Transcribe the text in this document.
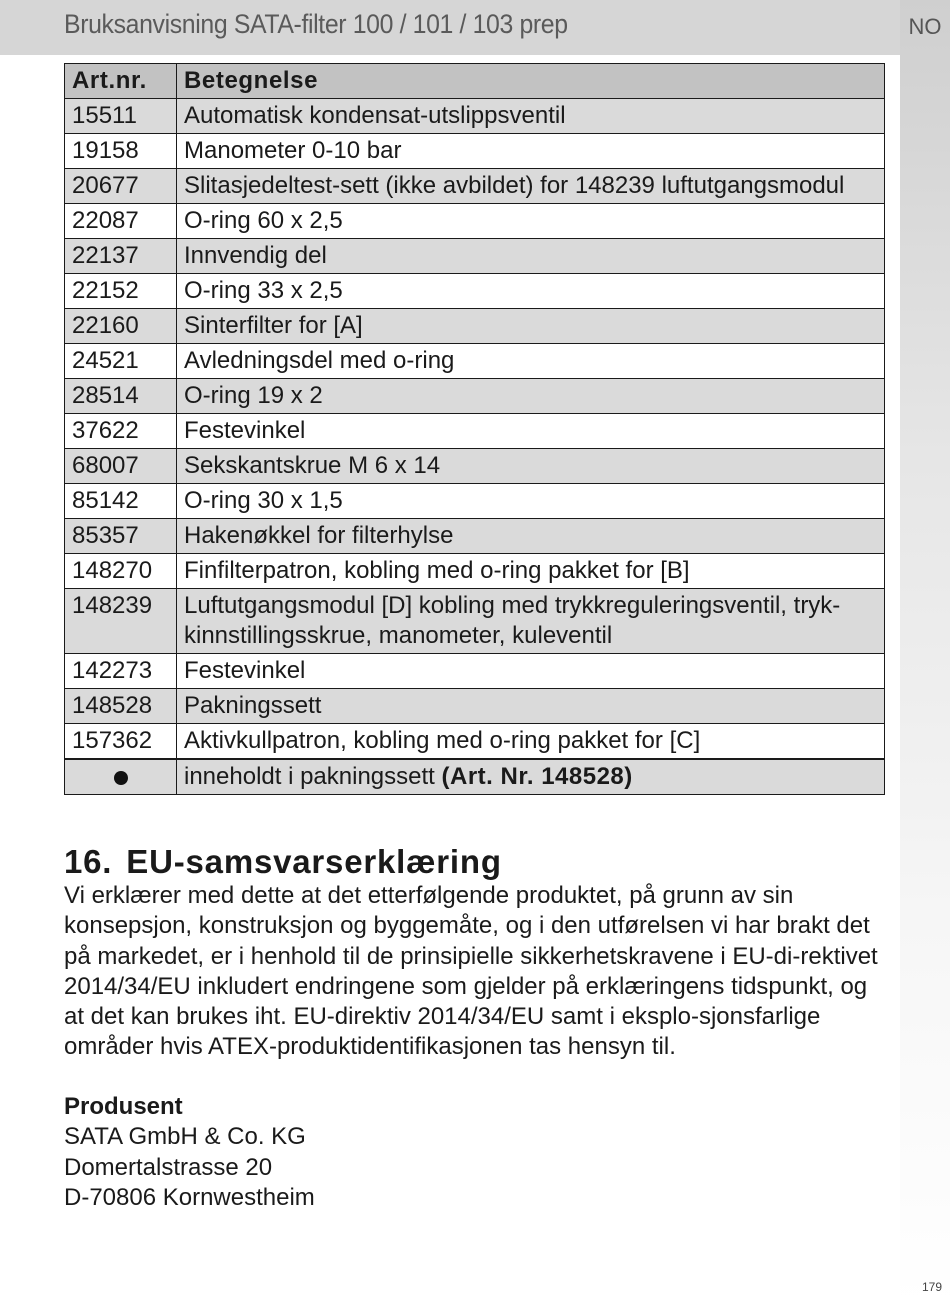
Bruksanvisning SATA-filter 100 / 101 / 103 prep	NO
Art.nr.	Betegnelse
15511	Automatisk kondensat-utslippsventil
19158	Manometer 0-10 bar
20677	Slitasjedeltest-sett (ikke avbildet) for 148239 luftutgangsmodul
22087	O-ring 60 x 2,5
22137	Innvendig del
22152	O-ring 33 x 2,5
22160	Sinterfilter for [A]
24521	Avledningsdel med o-ring
28514	O-ring 19 x 2
37622	Festevinkel
68007	Sekskantskrue M 6 x 14
85142	O-ring 30 x 1,5
85357	Hakenøkkel for filterhylse
148270	Finfilterpatron, kobling med o-ring pakket for [B]
148239	Luftutgangsmodul [D] kobling med trykkreguleringsventil, tryk-kinnstillingsskrue, manometer, kuleventil
142273	Festevinkel
148528	Pakningssett
157362	Aktivkullpatron, kobling med o-ring pakket for [C]
	inneholdt i pakningssett (Art. Nr. 148528)
16. EU-samsvarserklæring

Vi erklærer med dette at det etterfølgende produktet, på grunn av sin konsepsjon, konstruksjon og byggemåte, og i den utførelsen vi har brakt det på markedet, er i henhold til de prinsipielle sikkerhetskravene i EU-di-rektivet 2014/34/EU inkludert endringene som gjelder på erklæringens tidspunkt, og at det kan brukes iht. EU-direktiv 2014/34/EU samt i eksplo-sjonsfarlige områder hvis ATEX-produktidentifikasjonen tas hensyn til.

Produsent
SATA GmbH & Co. KG
Domertalstrasse 20
D-70806 Kornwestheim
179
